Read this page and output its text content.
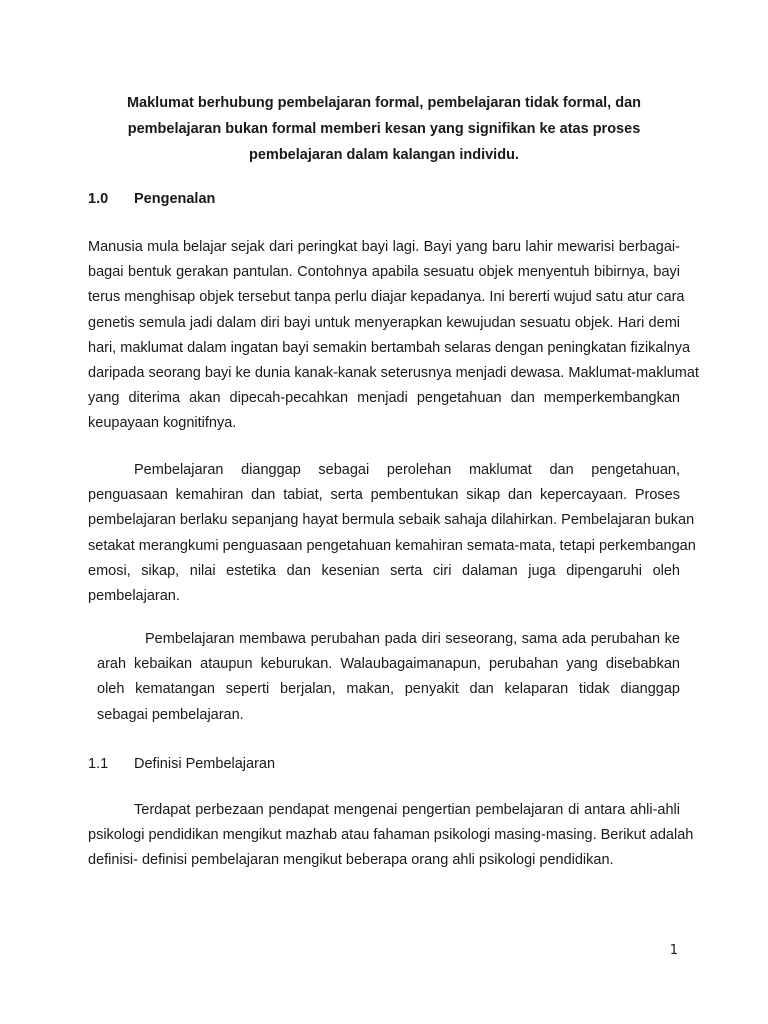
Maklumat berhubung pembelajaran formal, pembelajaran tidak formal, dan pembelajaran bukan formal memberi kesan yang signifikan ke atas proses pembelajaran dalam kalangan individu.
1.0 Pengenalan
Manusia mula belajar sejak dari peringkat bayi lagi. Bayi yang baru lahir mewarisi berbagai-
bagai bentuk gerakan pantulan. Contohnya apabila sesuatu objek menyentuh bibirnya, bayi
terus menghisap objek tersebut tanpa perlu diajar kepadanya. Ini bererti wujud satu atur cara
genetis semula jadi dalam diri bayi untuk menyerapkan kewujudan sesuatu objek. Hari demi
hari, maklumat dalam ingatan bayi semakin bertambah selaras dengan peningkatan fizikalnya
daripada seorang bayi ke dunia kanak-kanak seterusnya menjadi dewasa. Maklumat-maklumat
yang diterima akan dipecah-pecahkan menjadi pengetahuan dan memperkembangkan
keupayaan kognitifnya.
Pembelajaran dianggap sebagai perolehan maklumat dan pengetahuan,
penguasaan kemahiran dan tabiat, serta pembentukan sikap dan kepercayaan. Proses
pembelajaran berlaku sepanjang hayat bermula sebaik sahaja dilahirkan. Pembelajaran bukan
setakat merangkumi penguasaan pengetahuan kemahiran semata-mata, tetapi perkembangan
emosi, sikap, nilai estetika dan kesenian serta ciri dalaman juga dipengaruhi oleh
pembelajaran.
Pembelajaran membawa perubahan pada diri seseorang, sama ada perubahan ke
arah kebaikan ataupun keburukan. Walaubagaimanapun, perubahan yang disebabkan
oleh kematangan seperti berjalan, makan, penyakit dan kelaparan tidak dianggap
sebagai pembelajaran.
1.1 Definisi Pembelajaran
Terdapat perbezaan pendapat mengenai pengertian pembelajaran di antara ahli-ahli
psikologi pendidikan mengikut mazhab atau fahaman psikologi masing-masing. Berikut adalah
definisi- definisi pembelajaran mengikut beberapa orang ahli psikologi pendidikan.
1
